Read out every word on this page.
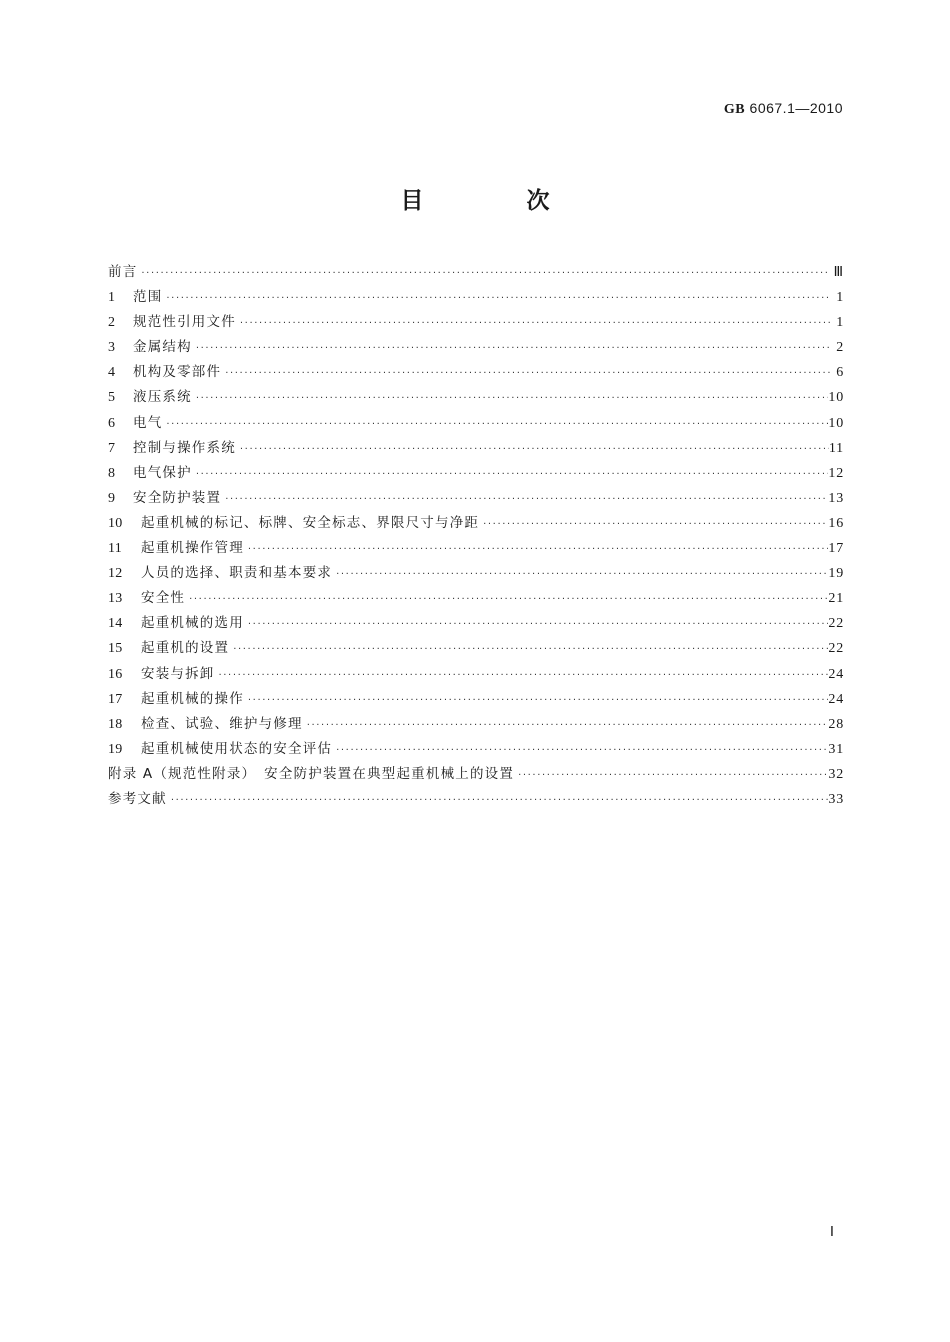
GB 6067.1—2010
目　次
前言 ·····	Ⅲ
1	范围 ·····	1
2	规范性引用文件 ·····	1
3	金属结构 ·····	2
4	机构及零部件 ·····	6
5	液压系统 ·····	10
6	电气 ·····	10
7	控制与操作系统 ·····	11
8	电气保护 ·····	12
9	安全防护装置 ·····	13
10	起重机械的标记、标牌、安全标志、界限尺寸与净距 ·····	16
11	起重机操作管理 ·····	17
12	人员的选择、职责和基本要求 ·····	19
13	安全性 ·····	21
14	起重机械的选用 ·····	22
15	起重机的设置 ·····	22
16	安装与拆卸 ·····	24
17	起重机械的操作 ·····	24
18	检查、试验、维护与修理 ·····	28
19	起重机械使用状态的安全评估 ·····	31
附录 A（规范性附录）　安全防护装置在典型起重机械上的设置 ·····	32
参考文献 ·····	33
Ⅰ
